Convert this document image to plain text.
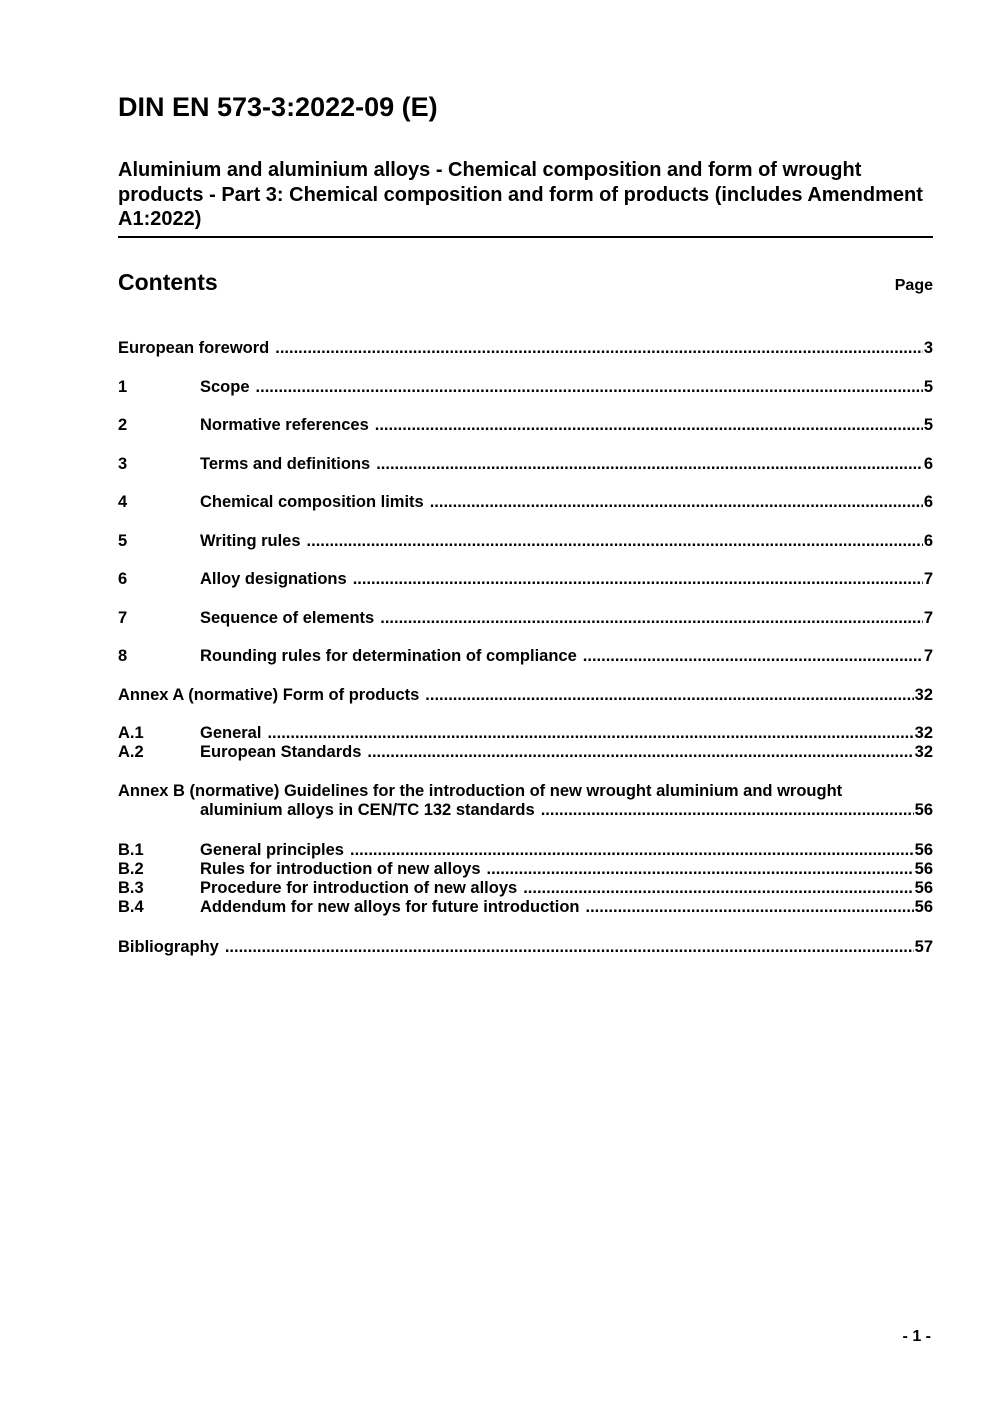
DIN EN 573-3:2022-09 (E)
Aluminium and aluminium alloys - Chemical composition and form of wrought
products - Part 3: Chemical composition and form of products (includes Amendment
A1:2022)
Contents	Page
European foreword .....	3
1	Scope .....	5
2	Normative references .....	5
3	Terms and definitions .....	6
4	Chemical composition limits .....	6
5	Writing rules .....	6
6	Alloy designations .....	7
7	Sequence of elements .....	7
8	Rounding rules for determination of compliance .....	7
Annex A (normative) Form of products .....	32
A.1	General .....	32
A.2	European Standards .....	32
Annex B (normative) Guidelines for the introduction of new wrought aluminium and wrought
aluminium alloys in CEN/TC 132 standards .....	56
B.1	General principles .....	56
B.2	Rules for introduction of new alloys .....	56
B.3	Procedure for introduction of new alloys .....	56
B.4	Addendum for new alloys for future introduction .....	56
Bibliography .....	57
- 1 -
